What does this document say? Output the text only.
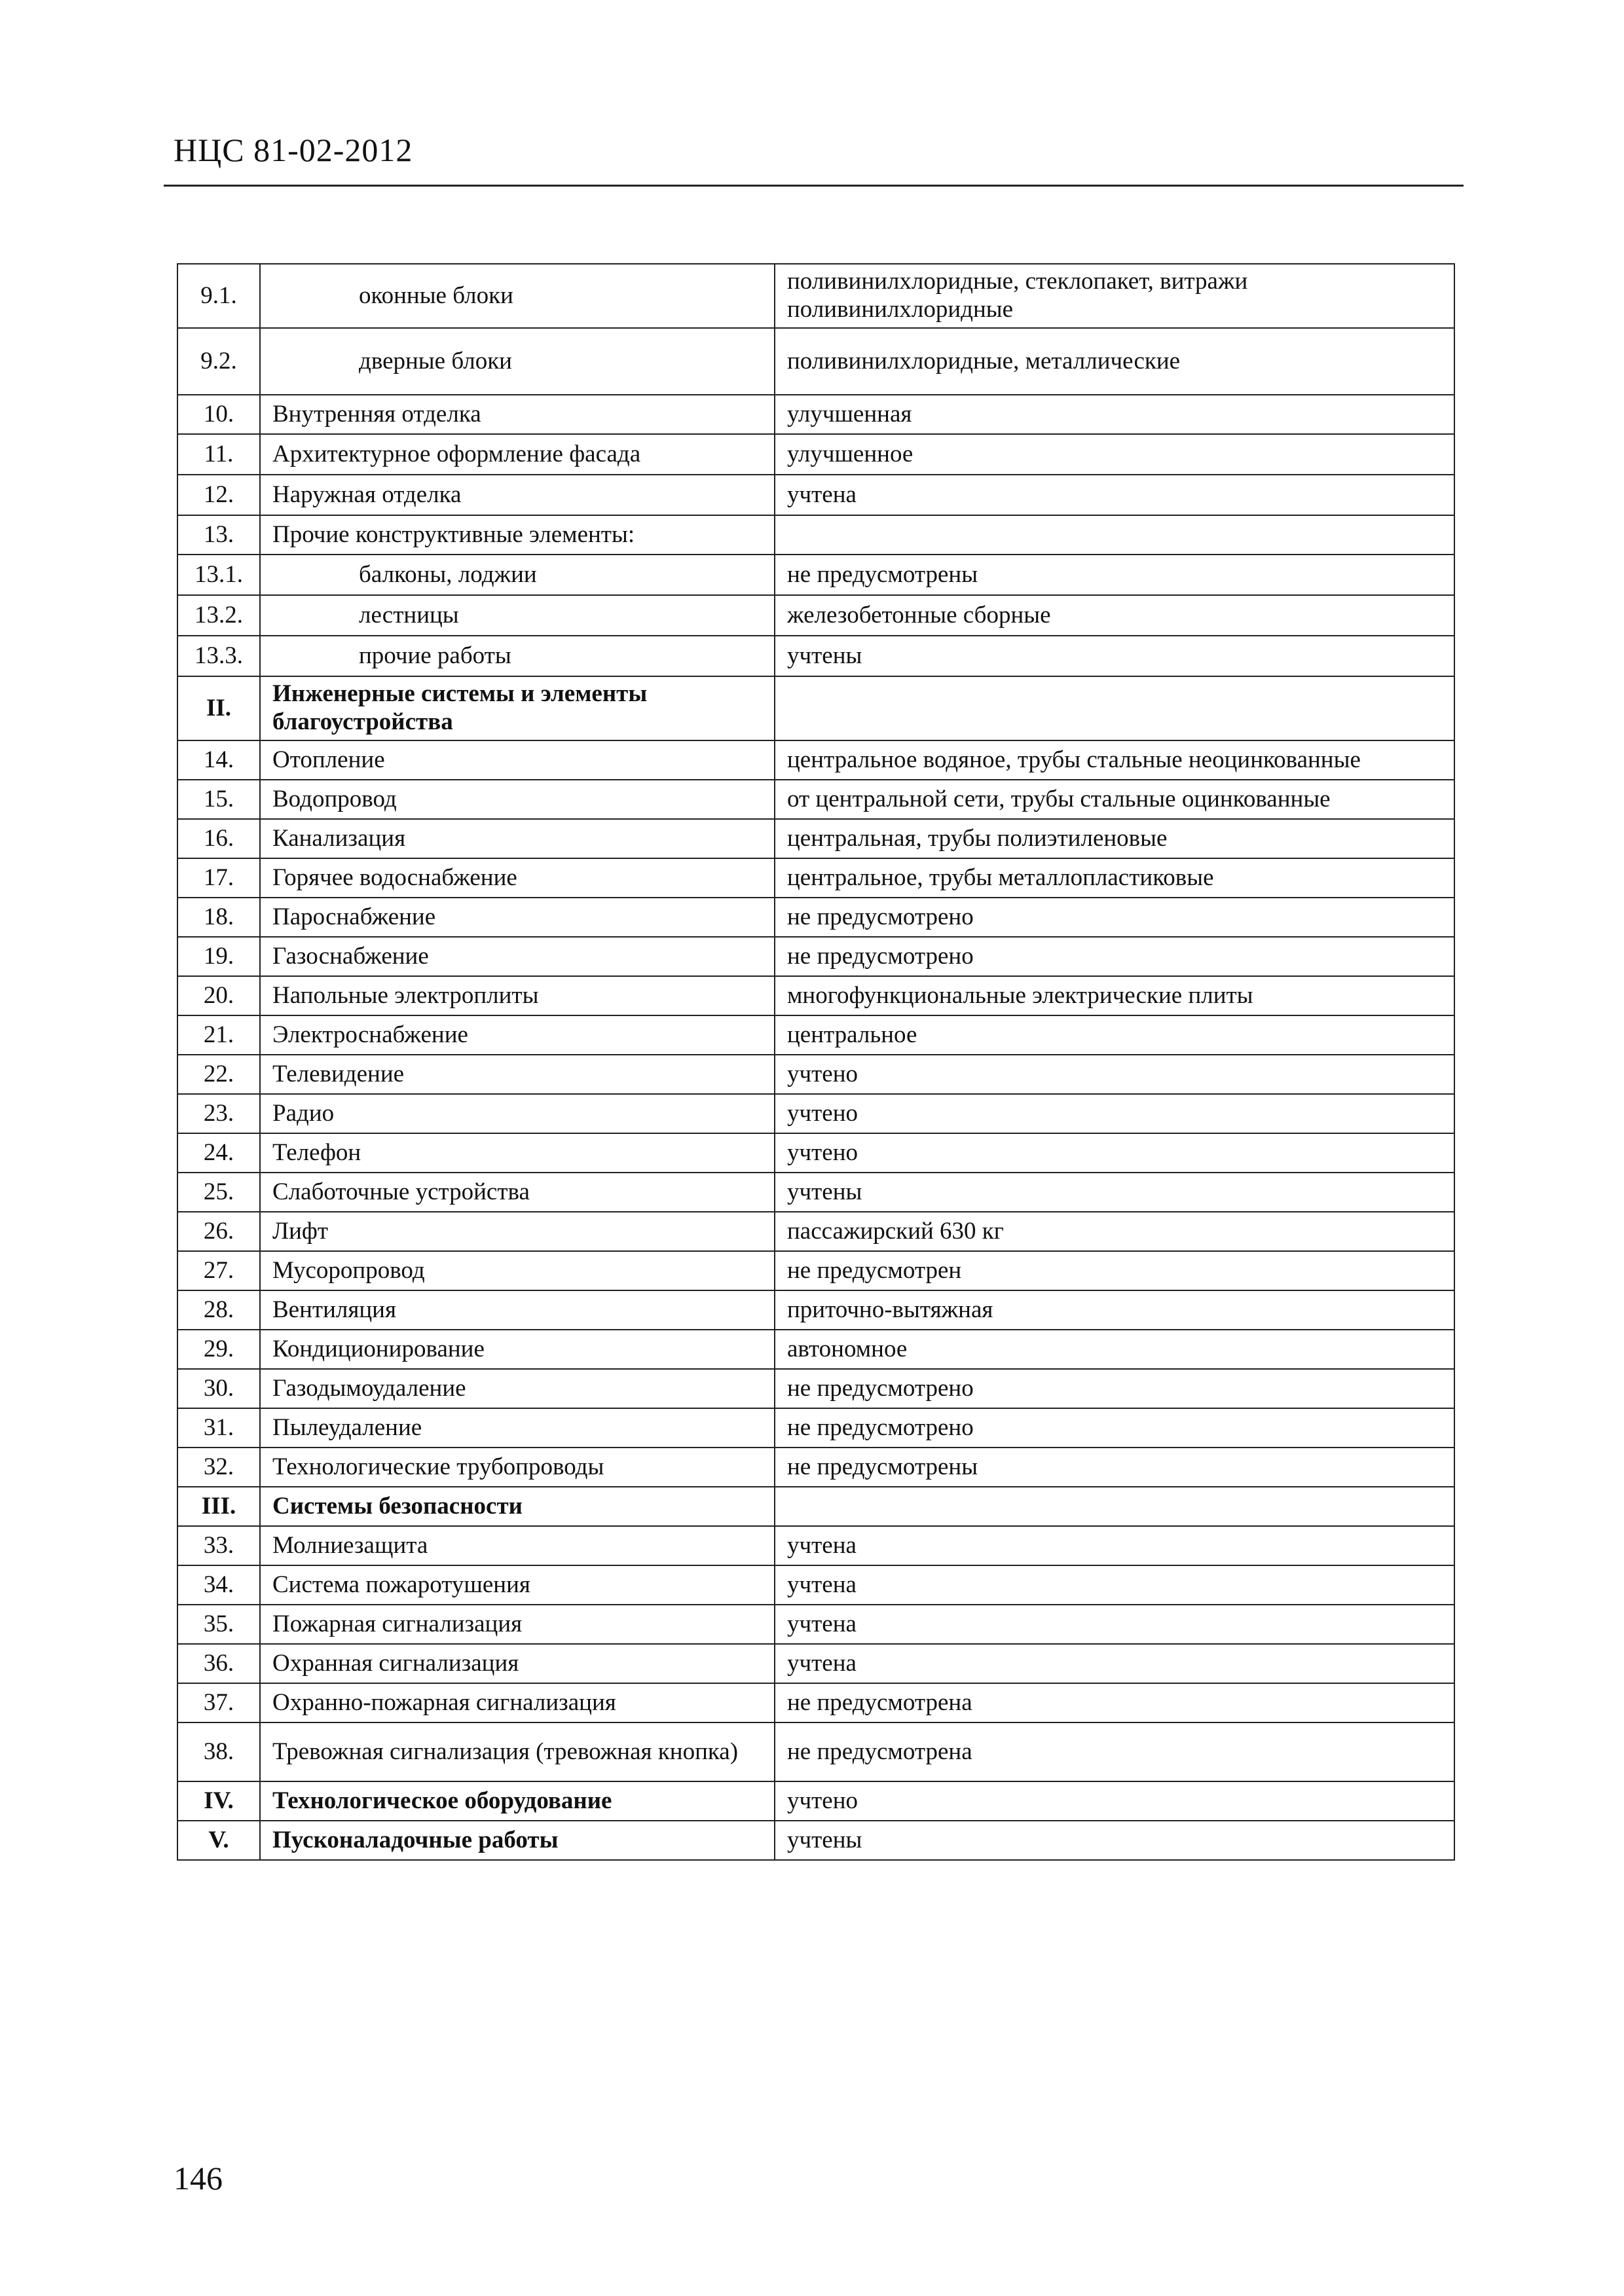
НЦС 81-02-2012
9.1.	оконные блоки	поливинилхлоридные, стеклопакет, витражи поливинилхлоридные
9.2.	дверные блоки	поливинилхлоридные, металлические
10.	Внутренняя отделка	улучшенная
11.	Архитектурное оформление фасада	улучшенное
12.	Наружная отделка	учтена
13.	Прочие конструктивные элементы:	
13.1.	балконы, лоджии	не предусмотрены
13.2.	лестницы	железобетонные сборные
13.3.	прочие работы	учтены
II.	Инженерные системы и элементы благоустройства	
14.	Отопление	центральное водяное, трубы стальные неоцинкованные
15.	Водопровод	от центральной сети, трубы стальные оцинкованные
16.	Канализация	центральная, трубы полиэтиленовые
17.	Горячее водоснабжение	центральное, трубы металлопластиковые
18.	Пароснабжение	не предусмотрено
19.	Газоснабжение	не предусмотрено
20.	Напольные электроплиты	многофункциональные электрические плиты
21.	Электроснабжение	центральное
22.	Телевидение	учтено
23.	Радио	учтено
24.	Телефон	учтено
25.	Слаботочные устройства	учтены
26.	Лифт	пассажирский 630 кг
27.	Мусоропровод	не предусмотрен
28.	Вентиляция	приточно-вытяжная
29.	Кондиционирование	автономное
30.	Газодымоудаление	не предусмотрено
31.	Пылеудаление	не предусмотрено
32.	Технологические трубопроводы	не предусмотрены
III.	Системы безопасности	
33.	Молниезащита	учтена
34.	Система пожаротушения	учтена
35.	Пожарная сигнализация	учтена
36.	Охранная сигнализация	учтена
37.	Охранно-пожарная сигнализация	не предусмотрена
38.	Тревожная сигнализация (тревожная кнопка)	не предусмотрена
IV.	Технологическое оборудование	учтено
V.	Пусконаладочные работы	учтены
146
